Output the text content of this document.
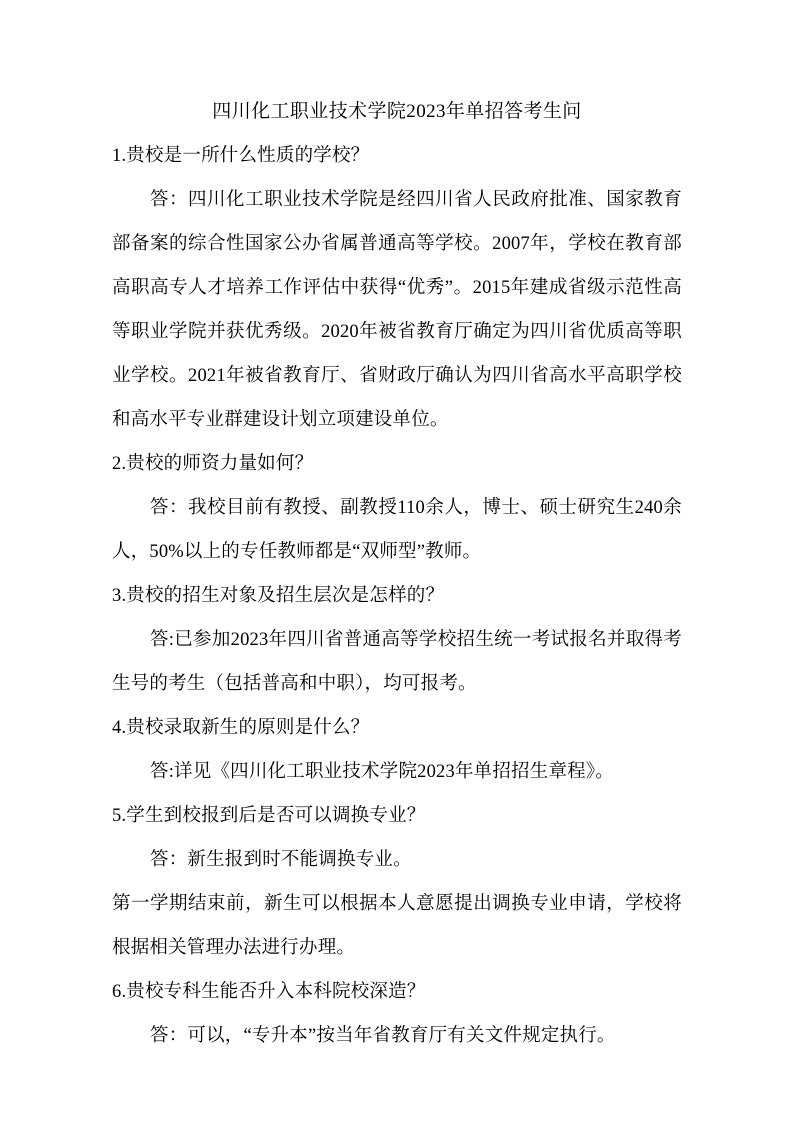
四川化工职业技术学院2023年单招答考生问
1.贵校是一所什么性质的学校？
答：四川化工职业技术学院是经四川省人民政府批准、国家教育部备案的综合性国家公办省属普通高等学校。2007年，学校在教育部高职高专人才培养工作评估中获得“优秀”。2015年建成省级示范性高等职业学院并获优秀级。2020年被省教育厅确定为四川省优质高等职业学校。2021年被省教育厅、省财政厅确认为四川省高水平高职学校和高水平专业群建设计划立项建设单位。
2.贵校的师资力量如何？
答：我校目前有教授、副教授110余人，博士、硕士研究生240余人，50%以上的专任教师都是“双师型”教师。
3.贵校的招生对象及招生层次是怎样的？
答:已参加2023年四川省普通高等学校招生统一考试报名并取得考生号的考生（包括普高和中职），均可报考。
4.贵校录取新生的原则是什么？
答:详见《四川化工职业技术学院2023年单招招生章程》。
5.学生到校报到后是否可以调换专业？
答：新生报到时不能调换专业。
第一学期结束前，新生可以根据本人意愿提出调换专业申请，学校将根据相关管理办法进行办理。
6.贵校专科生能否升入本科院校深造？
答：可以，“专升本”按当年省教育厅有关文件规定执行。
